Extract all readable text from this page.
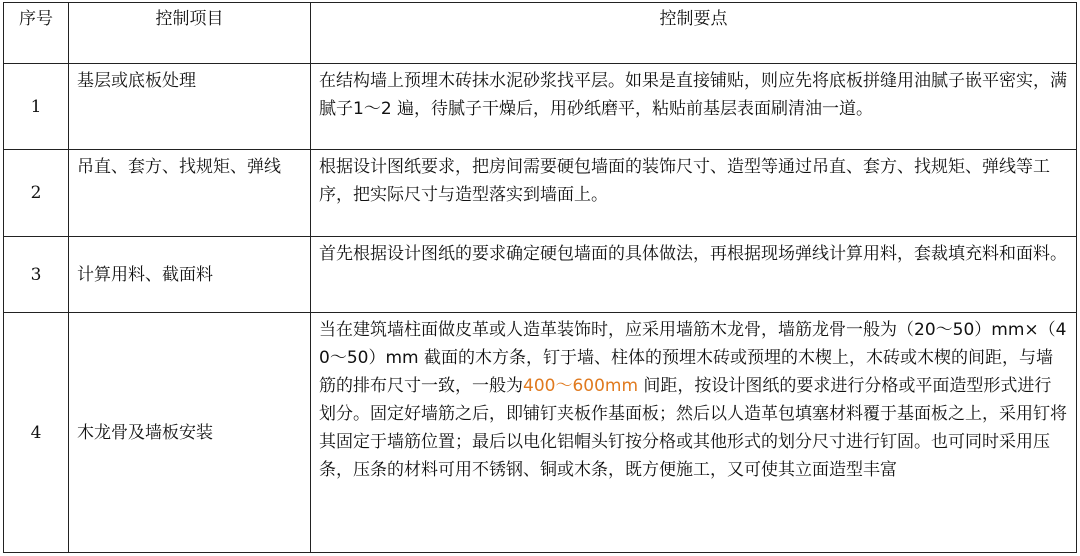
序号	控制项目	控制要点
1	基层或底板处理	在结构墙上预埋木砖抹水泥砂浆找平层。如果是直接铺贴，则应先将底板拼缝用油腻子嵌平密实，满腻子1～2 遍，待腻子干燥后，用砂纸磨平，粘贴前基层表面刷清油一道。
2	吊直、套方、找规矩、弹线	根据设计图纸要求，把房间需要硬包墙面的装饰尺寸、造型等通过吊直、套方、找规矩、弹线等工序，把实际尺寸与造型落实到墙面上。
3	计算用料、截面料	首先根据设计图纸的要求确定硬包墙面的具体做法，再根据现场弹线计算用料，套裁填充料和面料。
4	木龙骨及墙板安装	当在建筑墙柱面做皮革或人造革装饰时，应采用墙筋木龙骨，墙筋龙骨一般为（20～50）mm×（40～50）mm 截面的木方条，钉于墙、柱体的预埋木砖或预埋的木楔上，木砖或木楔的间距，与墙筋的排布尺寸一致，一般为400～600mm 间距，按设计图纸的要求进行分格或平面造型形式进行划分。固定好墙筋之后，即铺钉夹板作基面板；然后以人造革包填塞材料覆于基面板之上，采用钉将其固定于墙筋位置；最后以电化铝帽头钉按分格或其他形式的划分尺寸进行钉固。也可同时采用压条，压条的材料可用不锈钢、铜或木条，既方便施工，又可使其立面造型丰富
